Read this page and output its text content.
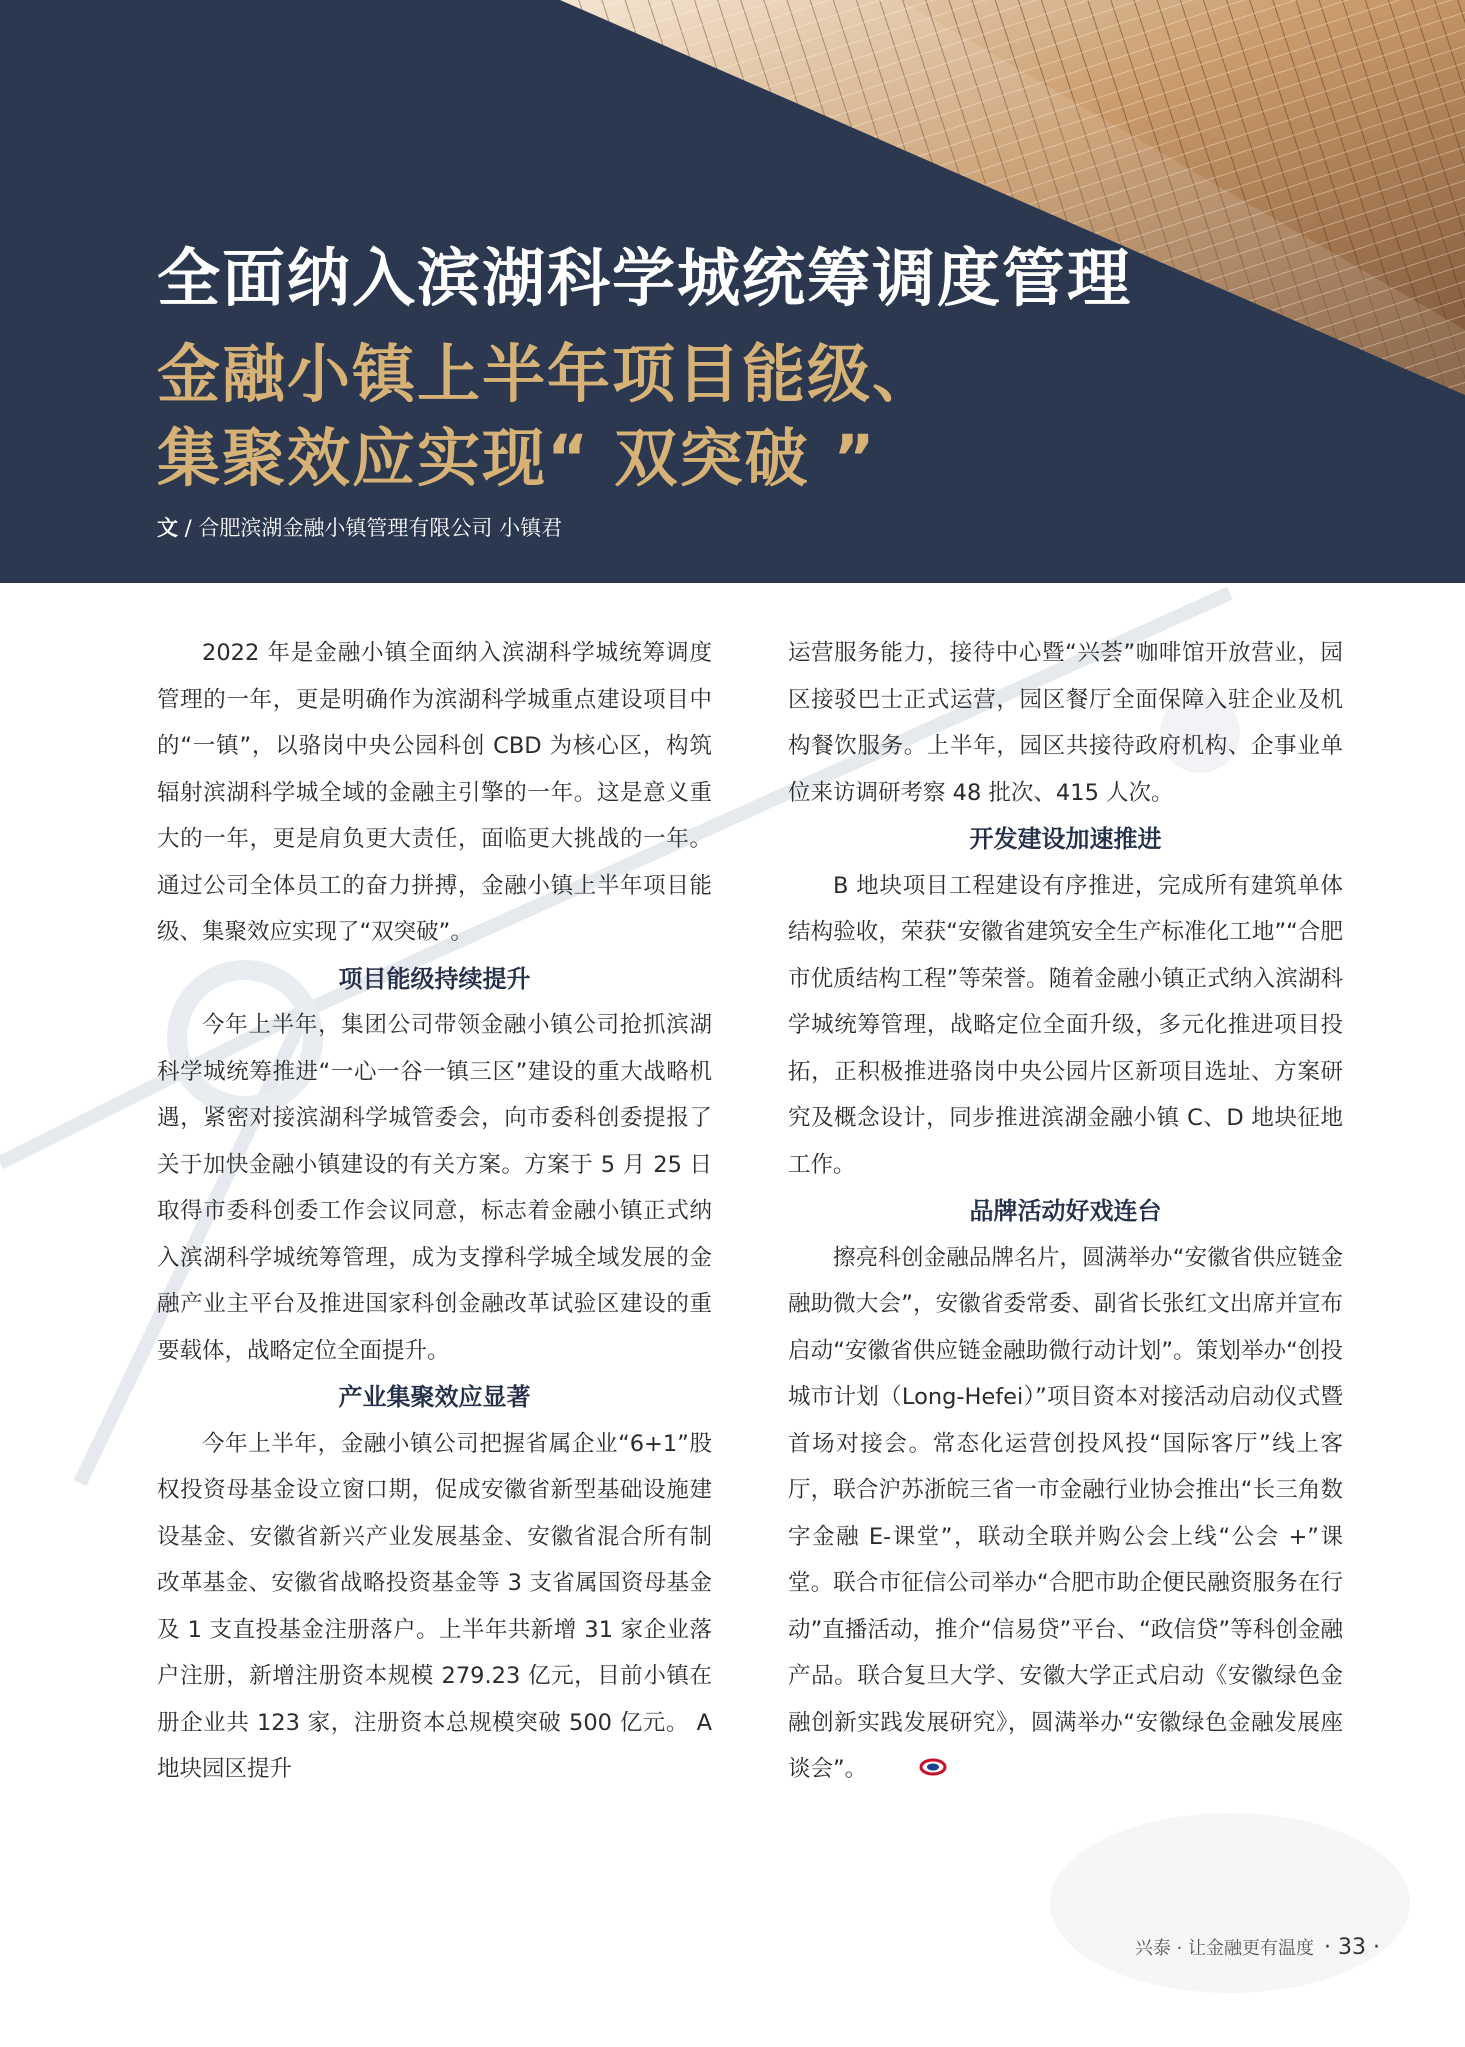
全面纳入滨湖科学城统筹调度管理
金融小镇上半年项目能级、
集聚效应实现“ 双突破 ”
文 / 合肥滨湖金融小镇管理有限公司 小镇君

2022 年是金融小镇全面纳入滨湖科学城统筹调度管理的一年，更是明确作为滨湖科学城重点建设项目中的“一镇”，以骆岗中央公园科创 CBD 为核心区，构筑辐射滨湖科学城全域的金融主引擎的一年。这是意义重大的一年，更是肩负更大责任，面临更大挑战的一年。通过公司全体员工的奋力拼搏，金融小镇上半年项目能级、集聚效应实现了“双突破”。

项目能级持续提升

今年上半年，集团公司带领金融小镇公司抢抓滨湖科学城统筹推进“一心一谷一镇三区”建设的重大战略机遇，紧密对接滨湖科学城管委会，向市委科创委提报了关于加快金融小镇建设的有关方案。方案于 5 月 25 日取得市委科创委工作会议同意，标志着金融小镇正式纳入滨湖科学城统筹管理，成为支撑科学城全域发展的金融产业主平台及推进国家科创金融改革试验区建设的重要载体，战略定位全面提升。

产业集聚效应显著

今年上半年，金融小镇公司把握省属企业“6+1”股权投资母基金设立窗口期，促成安徽省新型基础设施建设基金、安徽省新兴产业发展基金、安徽省混合所有制改革基金、安徽省战略投资基金等 3 支省属国资母基金及 1 支直投基金注册落户。上半年共新增 31 家企业落户注册，新增注册资本规模 279.23 亿元，目前小镇在册企业共 123 家，注册资本总规模突破 500 亿元。 A 地块园区提升

运营服务能力，接待中心暨“兴荟”咖啡馆开放营业，园区接驳巴士正式运营，园区餐厅全面保障入驻企业及机构餐饮服务。上半年，园区共接待政府机构、企事业单位来访调研考察 48 批次、415 人次。

开发建设加速推进

B 地块项目工程建设有序推进，完成所有建筑单体结构验收，荣获“安徽省建筑安全生产标准化工地”“合肥市优质结构工程”等荣誉。随着金融小镇正式纳入滨湖科学城统筹管理，战略定位全面升级，多元化推进项目投拓，正积极推进骆岗中央公园片区新项目选址、方案研究及概念设计，同步推进滨湖金融小镇 C、D 地块征地工作。

品牌活动好戏连台

擦亮科创金融品牌名片，圆满举办“安徽省供应链金融助微大会”，安徽省委常委、副省长张红文出席并宣布启动“安徽省供应链金融助微行动计划”。策划举办“创投城市计划（Long-Hefei）”项目资本对接活动启动仪式暨首场对接会。常态化运营创投风投“国际客厅”线上客厅，联合沪苏浙皖三省一市金融行业协会推出“长三角数字金融 E-课堂”，联动全联并购公会上线“公会 +”课堂。联合市征信公司举办“合肥市助企便民融资服务在行动”直播活动，推介“信易贷”平台、“政信贷”等科创金融产品。联合复旦大学、安徽大学正式启动《安徽绿色金融创新实践发展研究》，圆满举办“安徽绿色金融发展座谈会”。

兴泰 · 让金融更有温度 · 33 ·
